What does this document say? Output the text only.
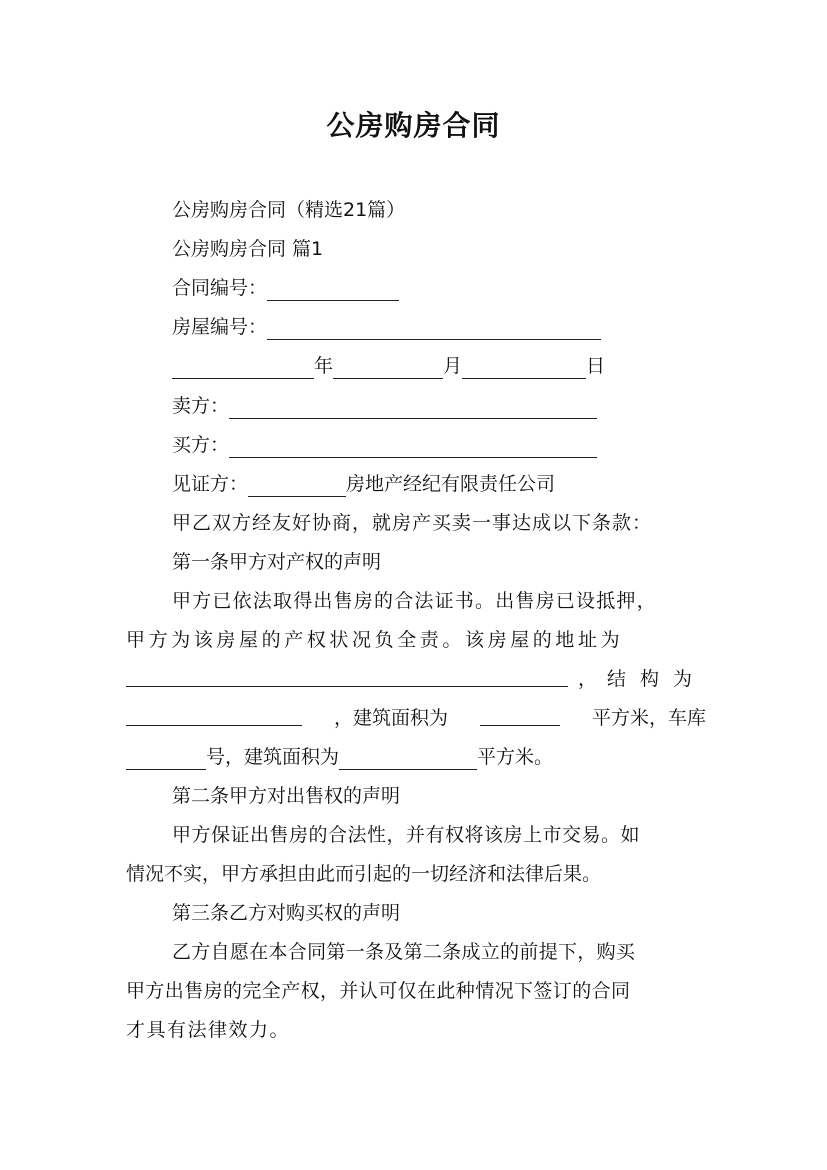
公房购房合同
公房购房合同（精选21篇）
公房购房合同 篇1
合同编号：
房屋编号：
年	月	日
卖方：
买方：
见证方：	房地产经纪有限责任公司
甲乙双方经友好协商，就房产买卖一事达成以下条款：
第一条甲方对产权的声明
甲方已依法取得出售房的合法证书。出售房已设抵押，
甲方为该房屋的产权状况负全责。该房屋的地址为
， 结构为
，建筑面积为	平方米，车库
号，建筑面积为	平方米。
第二条甲方对出售权的声明
甲方保证出售房的合法性，并有权将该房上市交易。如
情况不实，甲方承担由此而引起的一切经济和法律后果。
第三条乙方对购买权的声明
乙方自愿在本合同第一条及第二条成立的前提下，购买
甲方出售房的完全产权，并认可仅在此种情况下签订的合同
才具有法律效力。
